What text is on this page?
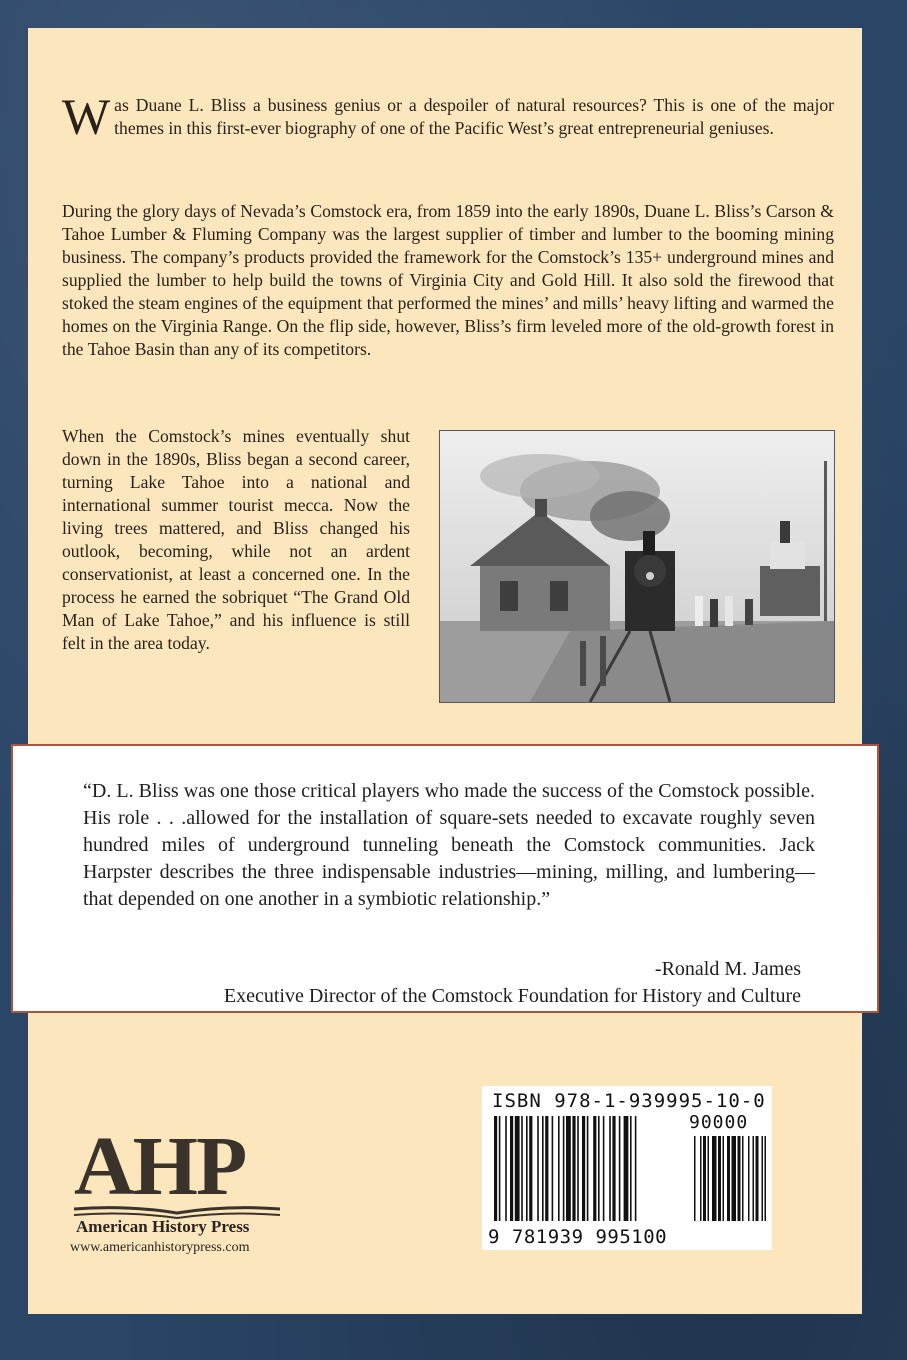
Was Duane L. Bliss a business genius or a despoiler of natural resources? This is one of the major themes in this first-ever biography of one of the Pacific West’s great entrepreneurial geniuses.

During the glory days of Nevada’s Comstock era, from 1859 into the early 1890s, Duane L. Bliss’s Carson & Tahoe Lumber & Fluming Company was the largest supplier of timber and lumber to the booming mining business. The company’s products provided the framework for the Comstock’s 135+ underground mines and supplied the lumber to help build the towns of Virginia City and Gold Hill. It also sold the firewood that stoked the steam engines of the equipment that performed the mines’ and mills’ heavy lifting and warmed the homes on the Virginia Range. On the flip side, however, Bliss’s firm leveled more of the old-growth forest in the Tahoe Basin than any of its competitors.

When the Comstock’s mines eventually shut down in the 1890s, Bliss began a second career, turning Lake Tahoe into a national and international summer tourist mecca. Now the living trees mattered, and Bliss changed his outlook, becoming, while not an ardent conservationist, at least a concerned one. In the process he earned the sobriquet “The Grand Old Man of Lake Tahoe,” and his influence is still felt in the area today.

“D. L. Bliss was one those critical players who made the success of the Comstock possible. His role . . .allowed for the installation of square-sets needed to excavate roughly seven hundred miles of underground tunneling beneath the Comstock communities. Jack Harpster describes the three indispensable industries—mining, milling, and lumbering—that depended on one another in a symbiotic relationship.”

-Ronald M. James
Executive Director of the Comstock Foundation for History and Culture
AHP
American History Press
www.americanhistorypress.com
ISBN 978-1-939995-10-0
90000
9 781939 995100
